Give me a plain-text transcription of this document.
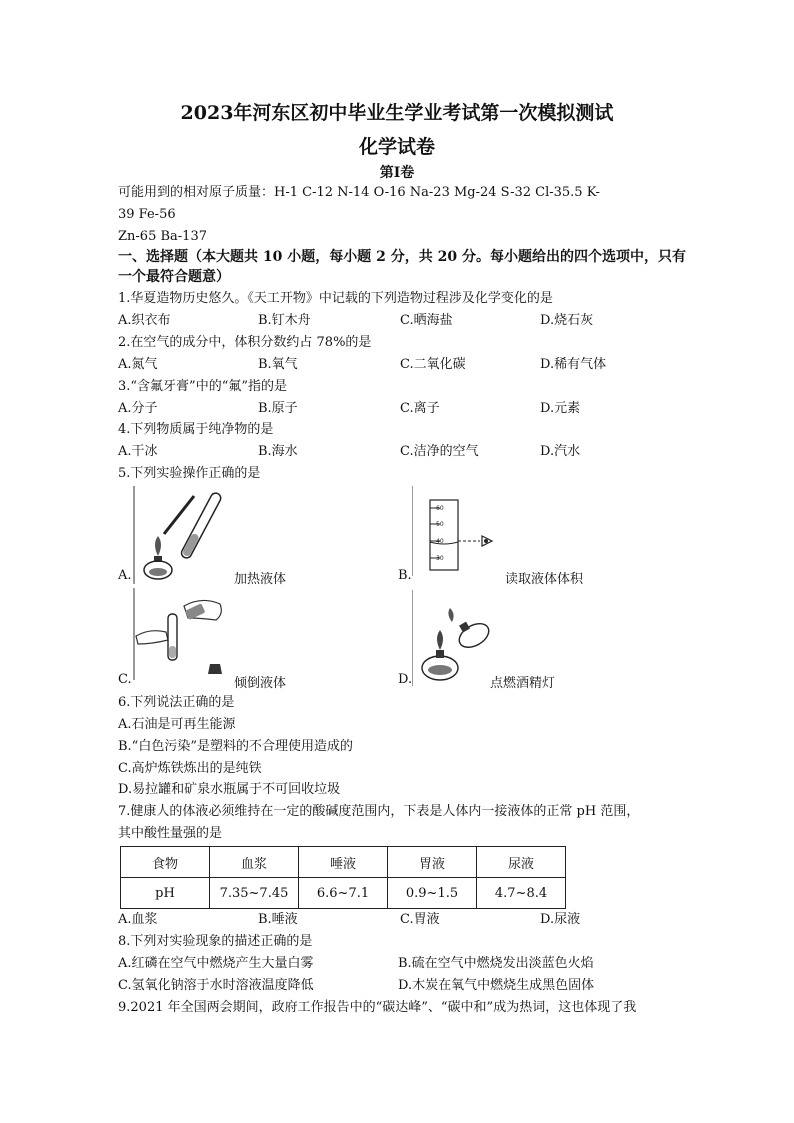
2023年河东区初中毕业生学业考试第一次模拟测试
化学试卷
第Ⅰ卷
可能用到的相对原子质量：H-1 C-12 N-14 O-16 Na-23 Mg-24 S-32 Cl-35.5 K-
39 Fe-56
Zn-65 Ba-137
一、选择题（本大题共 10 小题，每小题 2 分，共 20 分。每小题给出的四个选项中，只有
一个最符合题意）
1.华夏造物历史悠久。《天工开物》中记载的下列造物过程涉及化学变化的是
A.织衣布	B.钉木舟	C.晒海盐	D.烧石灰
2.在空气的成分中，体积分数约占 78%的是
A.氮气	B.氧气	C.二氧化碳	D.稀有气体
3.“含氟牙膏”中的“氟”指的是
A.分子	B.原子	C.离子	D.元素
4.下列物质属于纯净物的是
A.干冰	B.海水	C.洁净的空气	D.汽水
5.下列实验操作正确的是
A.	加热液体
60
50
40
30
B.	读取液体体积
C.	倾倒液体	D.	点燃酒精灯
6.下列说法正确的是
A.石油是可再生能源
B.“白色污染”是塑料的不合理使用造成的
C.高炉炼铁炼出的是纯铁
D.易拉罐和矿泉水瓶属于不可回收垃圾
7.健康人的体液必须维持在一定的酸碱度范围内，下表是人体内一接液体的正常 pH 范围，
其中酸性量强的是
食物	血浆	唾液	胃液	尿液
pH	7.35~7.45	6.6~7.1	0.9~1.5	4.7~8.4
A.血浆	B.唾液	C.胃液	D.尿液
8.下列对实验现象的描述正确的是
A.红磷在空气中燃烧产生大量白雾	B.硫在空气中燃烧发出淡蓝色火焰
C.氢氧化钠溶于水时溶液温度降低	D.木炭在氧气中燃烧生成黑色固体
9.2021 年全国两会期间，政府工作报告中的“碳达峰”、“碳中和”成为热词，这也体现了我
